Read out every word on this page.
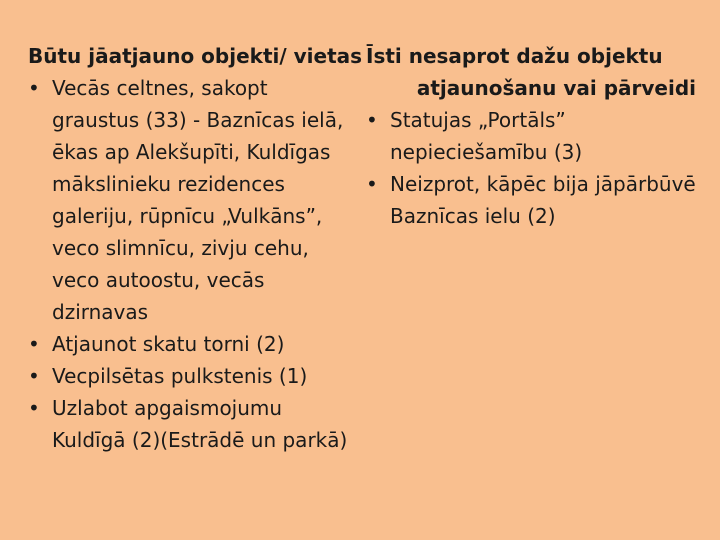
Būtu jāatjauno objekti/ vietas

• Vecās celtnes, sakopt graustus (33) - Baznīcas ielā, ēkas ap Alekšupīti, Kuldīgas mākslinieku rezidences galeriju, rūpnīcu „Vulkāns”, veco slimnīcu, zivju cehu, veco autoostu, vecās dzirnavas
• Atjaunot skatu torni (2)
• Vecpilsētas pulkstenis (1)
• Uzlabot apgaismojumu Kuldīgā (2)(Estrādē un parkā)

Īsti nesaprot dažu objektu
atjaunošanu vai pārveidi

• Statujas „Portāls” nepieciešamību (3)
• Neizprot, kāpēc bija jāpārbūvē Baznīcas ielu (2)
